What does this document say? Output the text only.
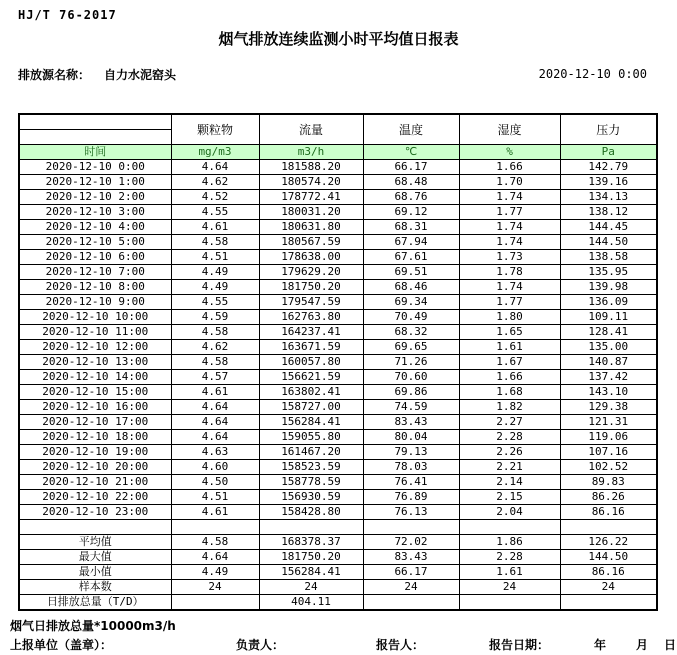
HJ/T 76-2017
烟气排放连续监测小时平均值日报表
排放源名称： 自力水泥窑头	2020-12-10 0:00
	颗粒物	流量	温度	湿度	压力

时间	mg/m3	m3/h	℃	%	Pa
2020-12-10 0:00	4.64	181588.20	66.17	1.66	142.79
2020-12-10 1:00	4.62	180574.20	68.48	1.70	139.16
2020-12-10 2:00	4.52	178772.41	68.76	1.74	134.13
2020-12-10 3:00	4.55	180031.20	69.12	1.77	138.12
2020-12-10 4:00	4.61	180631.80	68.31	1.74	144.45
2020-12-10 5:00	4.58	180567.59	67.94	1.74	144.50
2020-12-10 6:00	4.51	178638.00	67.61	1.73	138.58
2020-12-10 7:00	4.49	179629.20	69.51	1.78	135.95
2020-12-10 8:00	4.49	181750.20	68.46	1.74	139.98
2020-12-10 9:00	4.55	179547.59	69.34	1.77	136.09
2020-12-10 10:00	4.59	162763.80	70.49	1.80	109.11
2020-12-10 11:00	4.58	164237.41	68.32	1.65	128.41
2020-12-10 12:00	4.62	163671.59	69.65	1.61	135.00
2020-12-10 13:00	4.58	160057.80	71.26	1.67	140.87
2020-12-10 14:00	4.57	156621.59	70.60	1.66	137.42
2020-12-10 15:00	4.61	163802.41	69.86	1.68	143.10
2020-12-10 16:00	4.64	158727.00	74.59	1.82	129.38
2020-12-10 17:00	4.64	156284.41	83.43	2.27	121.31
2020-12-10 18:00	4.64	159055.80	80.04	2.28	119.06
2020-12-10 19:00	4.63	161467.20	79.13	2.26	107.16
2020-12-10 20:00	4.60	158523.59	78.03	2.21	102.52
2020-12-10 21:00	4.50	158778.59	76.41	2.14	89.83
2020-12-10 22:00	4.51	156930.59	76.89	2.15	86.26
2020-12-10 23:00	4.61	158428.80	76.13	2.04	86.16

平均值	4.58	168378.37	72.02	1.86	126.22
最大值	4.64	181750.20	83.43	2.28	144.50
最小值	4.49	156284.41	66.17	1.61	86.16
样本数	24	24	24	24	24
日排放总量（T/D）		404.11			
烟气日排放总量*10000m3/h
上报单位（盖章）：	负责人：	报告人：	报告日期：	年 月 日
